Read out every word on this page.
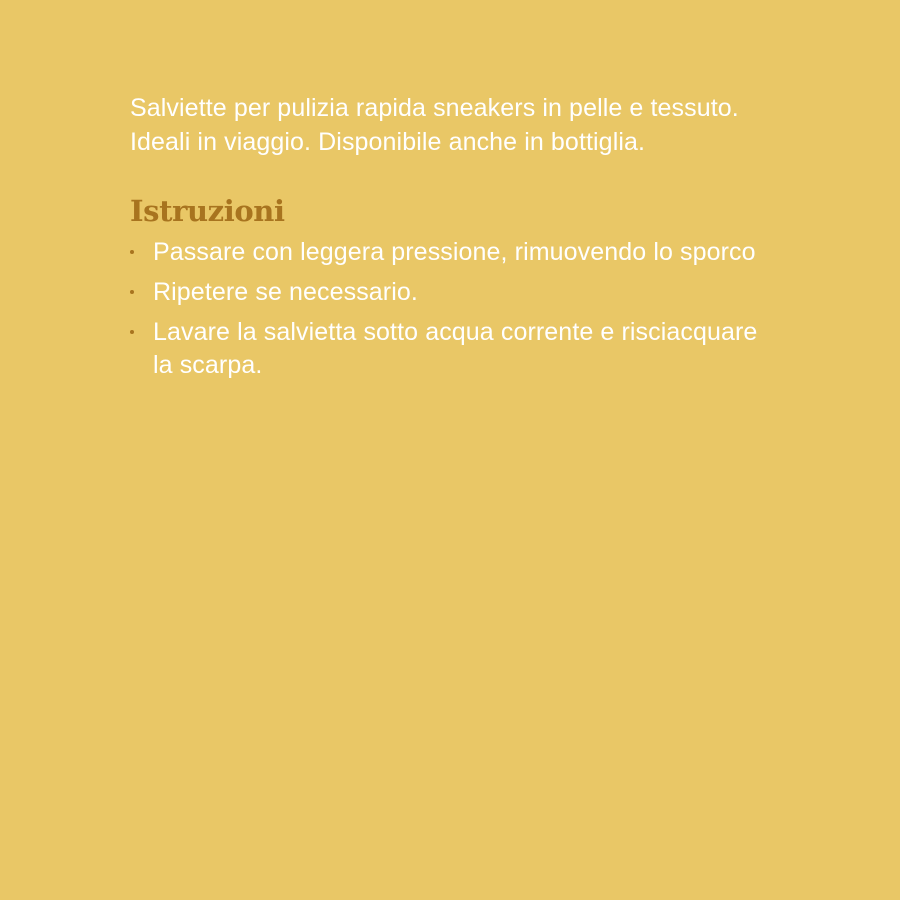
Salviette per pulizia rapida sneakers in pelle e tessuto. Ideali in viaggio. Disponibile anche in bottiglia.

Istruzioni
Passare con leggera pressione, rimuovendo lo sporco
Ripetere se necessario.
Lavare la salvietta sotto acqua corrente e risciacquare la scarpa.
